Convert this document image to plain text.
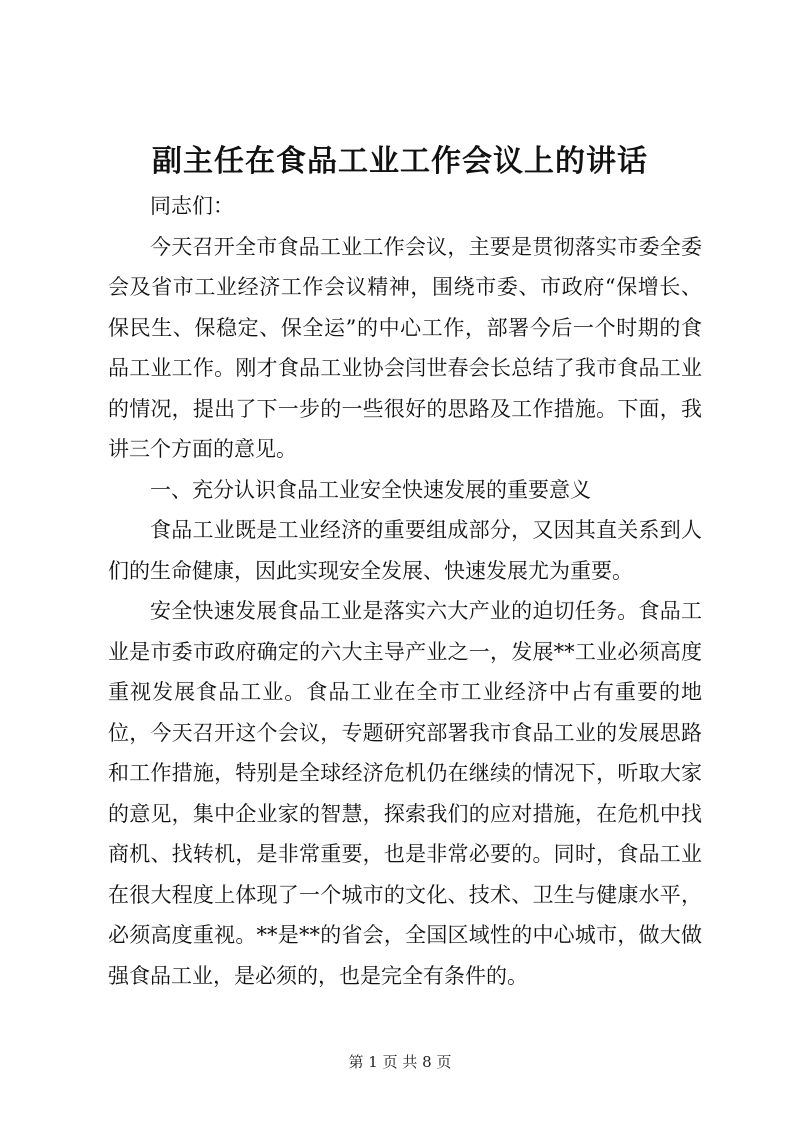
副主任在食品工业工作会议上的讲话

同志们：

今天召开全市食品工业工作会议，主要是贯彻落实市委全委会及省市工业经济工作会议精神，围绕市委、市政府“保增长、保民生、保稳定、保全运”的中心工作，部署今后一个时期的食品工业工作。刚才食品工业协会闫世春会长总结了我市食品工业的情况，提出了下一步的一些很好的思路及工作措施。下面，我讲三个方面的意见。

一、充分认识食品工业安全快速发展的重要意义

食品工业既是工业经济的重要组成部分，又因其直关系到人们的生命健康，因此实现安全发展、快速发展尤为重要。

安全快速发展食品工业是落实六大产业的迫切任务。食品工业是市委市政府确定的六大主导产业之一，发展**工业必须高度重视发展食品工业。食品工业在全市工业经济中占有重要的地位，今天召开这个会议，专题研究部署我市食品工业的发展思路和工作措施，特别是全球经济危机仍在继续的情况下，听取大家的意见，集中企业家的智慧，探索我们的应对措施，在危机中找商机、找转机，是非常重要，也是非常必要的。同时，食品工业在很大程度上体现了一个城市的文化、技术、卫生与健康水平，必须高度重视。**是**的省会，全国区域性的中心城市，做大做强食品工业，是必须的，也是完全有条件的。

第 1 页 共 8 页
